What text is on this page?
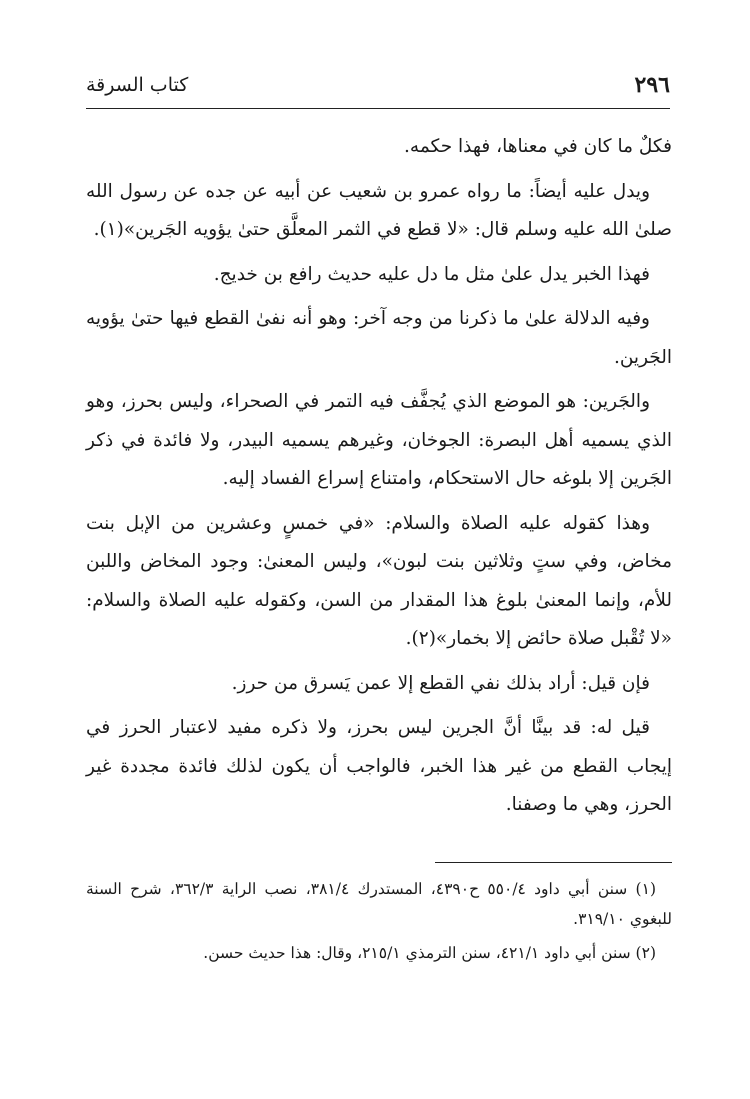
٢٩٦
كتاب السرقة

فكلٌ ما كان في معناها، فهذا حكمه.

ويدل عليه أيضاً: ما رواه عمرو بن شعيب عن أبيه عن جده عن رسول الله صلىٰ الله عليه وسلم قال: «لا قطع في الثمر المعلَّق حتىٰ يؤويه الجَرين»(١).

فهذا الخبر يدل علىٰ مثل ما دل عليه حديث رافع بن خديج.

وفيه الدلالة علىٰ ما ذكرنا من وجه آخر: وهو أنه نفىٰ القطع فيها حتىٰ يؤويه الجَرين.

والجَرين: هو الموضع الذي يُجفَّف فيه التمر في الصحراء، وليس بحرز، وهو الذي يسميه أهل البصرة: الجوخان، وغيرهم يسميه البيدر، ولا فائدة في ذكر الجَرين إلا بلوغه حال الاستحكام، وامتناع إسراع الفساد إليه.

وهذا كقوله عليه الصلاة والسلام: «في خمسٍ وعشرين من الإبل بنت مخاض، وفي ستٍ وثلاثين بنت لبون»، وليس المعنىٰ: وجود المخاض واللبن للأم، وإنما المعنىٰ بلوغ هذا المقدار من السن، وكقوله عليه الصلاة والسلام: «لا تُقْبل صلاة حائض إلا بخمار»(٢).

فإن قيل: أراد بذلك نفي القطع إلا عمن يَسرق من حرز.

قيل له: قد بينَّا أنَّ الجرين ليس بحرز، ولا ذكره مفيد لاعتبار الحرز في إيجاب القطع من غير هذا الخبر، فالواجب أن يكون لذلك فائدة مجددة غير الحرز، وهي ما وصفنا.

(١) سنن أبي داود ٥٥٠/٤ ح٤٣٩٠، المستدرك ٣٨١/٤، نصب الراية ٣٦٢/٣، شرح السنة للبغوي ٣١٩/١٠.

(٢) سنن أبي داود ٤٢١/١، سنن الترمذي ٢١٥/١، وقال: هذا حديث حسن.
